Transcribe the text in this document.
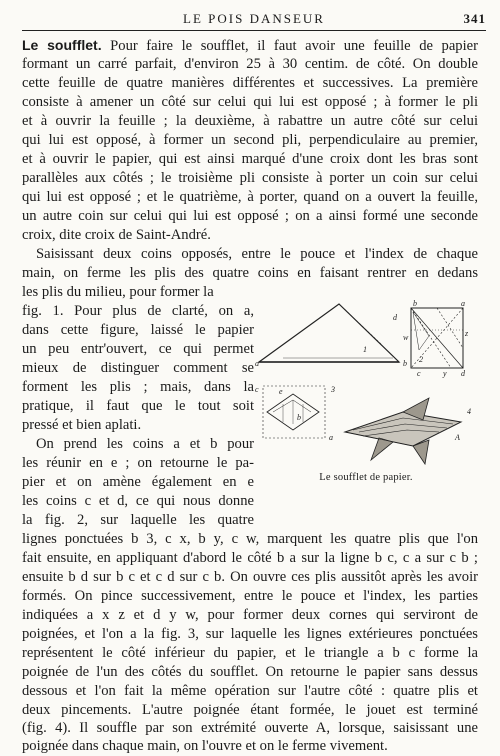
LE POIS DANSEUR	341
Le soufflet. Pour faire le soufflet, il faut avoir une feuille de papier
formant un carré parfait, d'environ 25 à 30 centim. de côté. On double
cette feuille de quatre manières différentes et successives. La première
consiste à amener un côté sur celui qui lui est opposé ; à former le pli
et à ouvrir la feuille ; la deuxième, à rabattre un autre côté sur celui
qui lui est opposé, à former un second pli, perpendiculaire au premier,
et à ouvrir le papier, qui est ainsi marqué d'une croix dont les bras sont
parallèles aux côtés ; le troisième pli consiste à porter un coin sur celui
qui lui est opposé ; et le quatrième, à porter, quand on a ouvert la feuille,
un autre coin sur celui qui lui est opposé ; on a ainsi formé une seconde
croix, dite croix de Saint-André.
Saisissant deux coins opposés, entre le pouce et l'index de chaque
main, on ferme les plis des quatre coins en faisant rentrer en dedans
les plis du milieu, pour former la
fig. 1. Pour plus de clarté, on a,
dans cette figure, laissé le papier
un peu entr'ouvert, ce qui permet
mieux de distinguer comment se
forment les plis ; mais, dans la
pratique, il faut que le tout soit
pressé et bien aplati.
On prend les coins a et b pour
les réunir en e ; on retourne le pa-
pier et on amène également en e
les coins c et d, ce qui nous donne
la fig. 2, sur laquelle les quatre
lignes ponctuées b 3, c x, b y, c w, marquent les quatre plis que l'on
fait ensuite, en appliquant d'abord le côté b a sur la ligne b c, c a sur c b ;
ensuite b d sur b c et c d sur c b. On ouvre ces plis aussitôt après les avoir
formés. On pince successivement, entre le pouce et l'index, les parties
indiquées a x z et d y w, pour former deux cornes qui serviront de
poignées, et l'on a la fig. 3, sur laquelle les lignes extérieures ponctuées
représentent le côté inférieur du papier, et le triangle a b c forme la
poignée de l'un des côtés du soufflet. On retourne le papier sans dessus
dessous et l'on fait la même opération sur l'autre côté : quatre plis et
deux pincements. L'autre poignée étant formée, le jouet est terminé
(fig. 4). Il souffle par son extrémité ouverte A, lorsque, saisissant une
poignée dans chaque main, on l'ouvre et on le ferme vivement.
a
d
b
b	a
w	z
c	y d
c
b
a
e
A
4
3
2
1
Le soufflet de papier.
